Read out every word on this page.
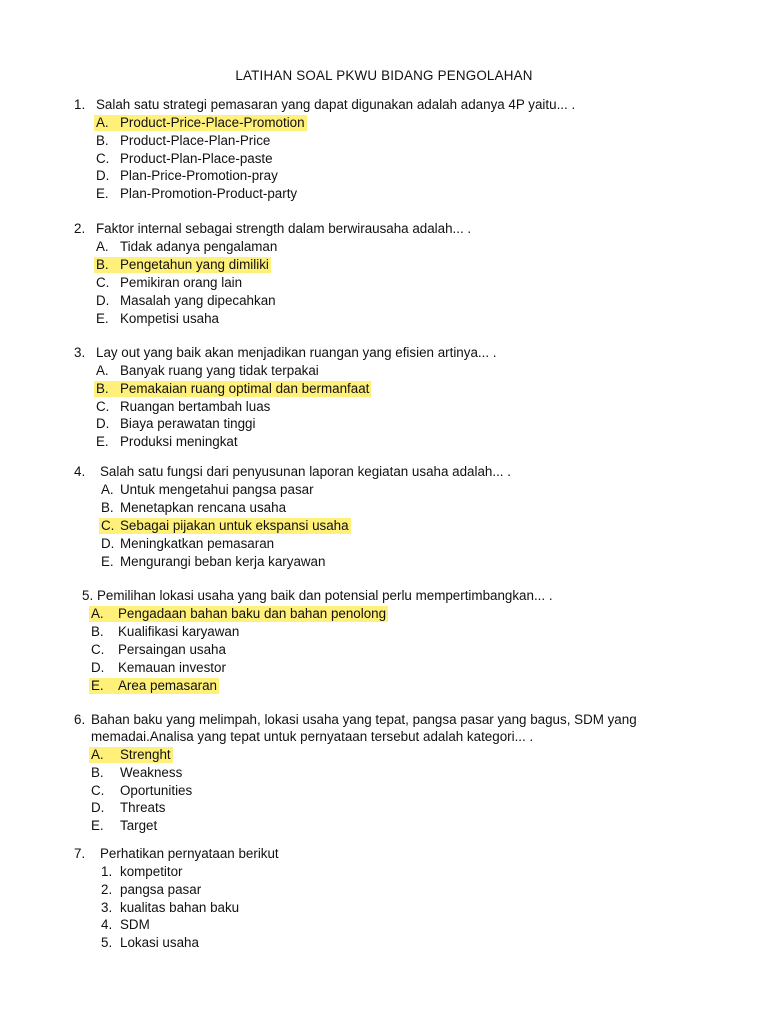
LATIHAN SOAL PKWU BIDANG PENGOLAHAN
1. Salah satu strategi pemasaran yang dapat digunakan adalah adanya 4P yaitu... .
A. Product-Price-Place-Promotion
B. Product-Place-Plan-Price
C. Product-Plan-Place-paste
D. Plan-Price-Promotion-pray
E. Plan-Promotion-Product-party
2. Faktor internal sebagai strength dalam berwirausaha adalah... .
A. Tidak adanya pengalaman
B. Pengetahun yang dimiliki
C. Pemikiran orang lain
D. Masalah yang dipecahkan
E. Kompetisi usaha
3. Lay out yang baik akan menjadikan ruangan yang efisien artinya... .
A. Banyak ruang yang tidak terpakai
B. Pemakaian ruang optimal dan bermanfaat
C. Ruangan bertambah luas
D. Biaya perawatan tinggi
E. Produksi meningkat
4. Salah satu fungsi dari penyusunan laporan kegiatan usaha adalah... .
A. Untuk mengetahui pangsa pasar
B. Menetapkan rencana usaha
C. Sebagai pijakan untuk ekspansi usaha
D. Meningkatkan pemasaran
E. Mengurangi beban kerja karyawan
5. Pemilihan lokasi usaha yang baik dan potensial perlu mempertimbangkan... .
A. Pengadaan bahan baku dan bahan penolong
B. Kualifikasi karyawan
C. Persaingan usaha
D. Kemauan investor
E. Area pemasaran
6. Bahan baku yang melimpah, lokasi usaha yang tepat, pangsa pasar yang bagus, SDM yang
memadai.Analisa yang tepat untuk pernyataan tersebut adalah kategori... .
A. Strenght
B. Weakness
C. Oportunities
D. Threats
E. Target
7. Perhatikan pernyataan berikut
1. kompetitor
2. pangsa pasar
3. kualitas bahan baku
4. SDM
5. Lokasi usaha
